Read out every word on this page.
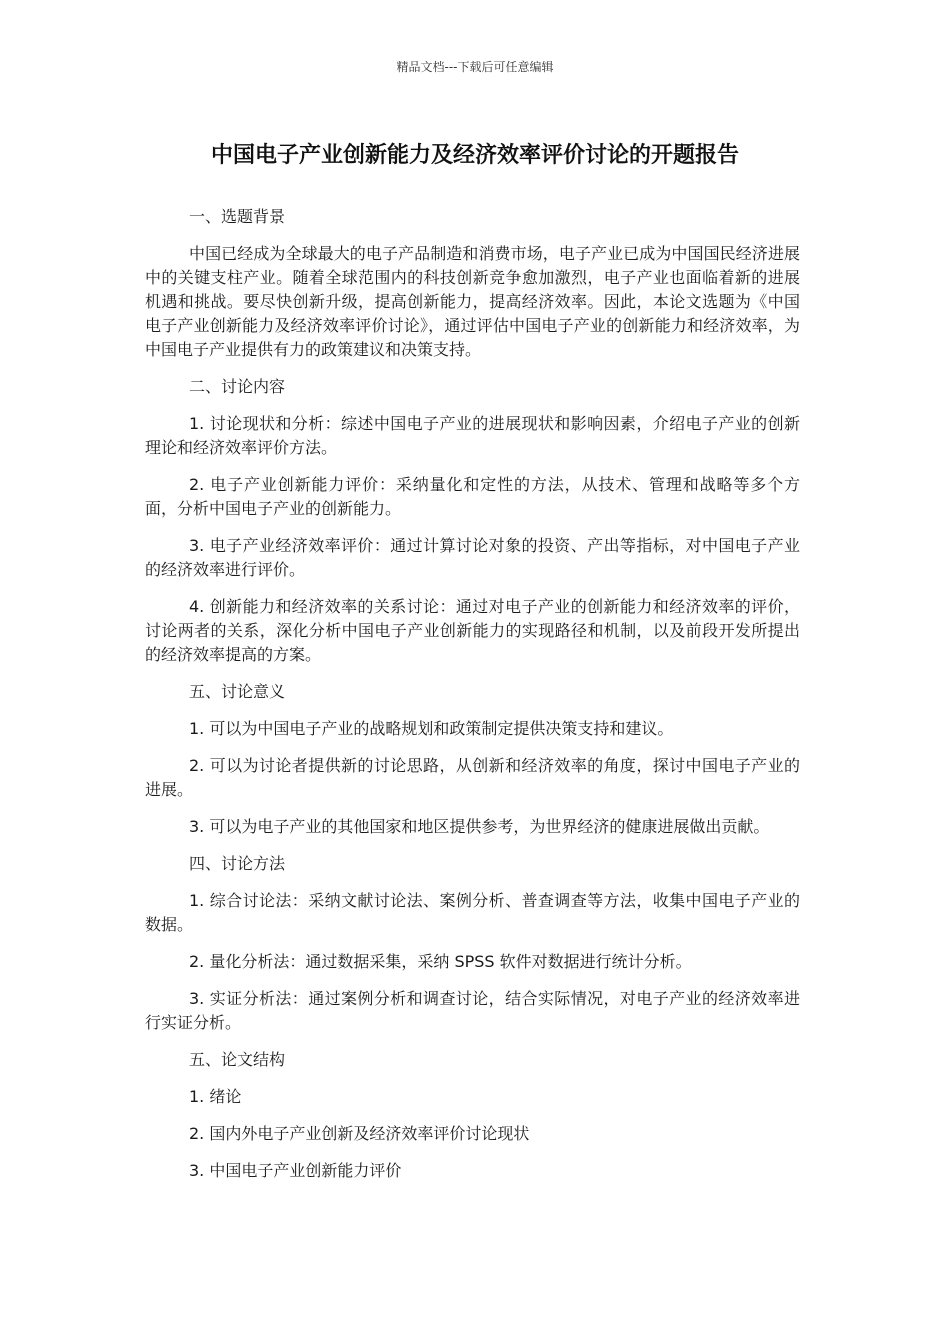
精品文档---下载后可任意编辑
中国电子产业创新能力及经济效率评价讨论的开题报告

一、选题背景

中国已经成为全球最大的电子产品制造和消费市场，电子产业已成为中国国民经济进展中的关键支柱产业。随着全球范围内的科技创新竞争愈加激烈，电子产业也面临着新的进展机遇和挑战。要尽快创新升级，提高创新能力，提高经济效率。因此，本论文选题为《中国电子产业创新能力及经济效率评价讨论》，通过评估中国电子产业的创新能力和经济效率，为中国电子产业提供有力的政策建议和决策支持。

二、讨论内容

1. 讨论现状和分析：综述中国电子产业的进展现状和影响因素，介绍电子产业的创新理论和经济效率评价方法。

2. 电子产业创新能力评价：采纳量化和定性的方法，从技术、管理和战略等多个方面，分析中国电子产业的创新能力。

3. 电子产业经济效率评价：通过计算讨论对象的投资、产出等指标，对中国电子产业的经济效率进行评价。

4. 创新能力和经济效率的关系讨论：通过对电子产业的创新能力和经济效率的评价，讨论两者的关系，深化分析中国电子产业创新能力的实现路径和机制，以及前段开发所提出的经济效率提高的方案。

五、讨论意义

1. 可以为中国电子产业的战略规划和政策制定提供决策支持和建议。

2. 可以为讨论者提供新的讨论思路，从创新和经济效率的角度，探讨中国电子产业的进展。

3. 可以为电子产业的其他国家和地区提供参考，为世界经济的健康进展做出贡献。

四、讨论方法

1. 综合讨论法：采纳文献讨论法、案例分析、普查调查等方法，收集中国电子产业的数据。

2. 量化分析法：通过数据采集，采纳 SPSS 软件对数据进行统计分析。

3. 实证分析法：通过案例分析和调查讨论，结合实际情况，对电子产业的经济效率进行实证分析。

五、论文结构

1. 绪论

2. 国内外电子产业创新及经济效率评价讨论现状

3. 中国电子产业创新能力评价
